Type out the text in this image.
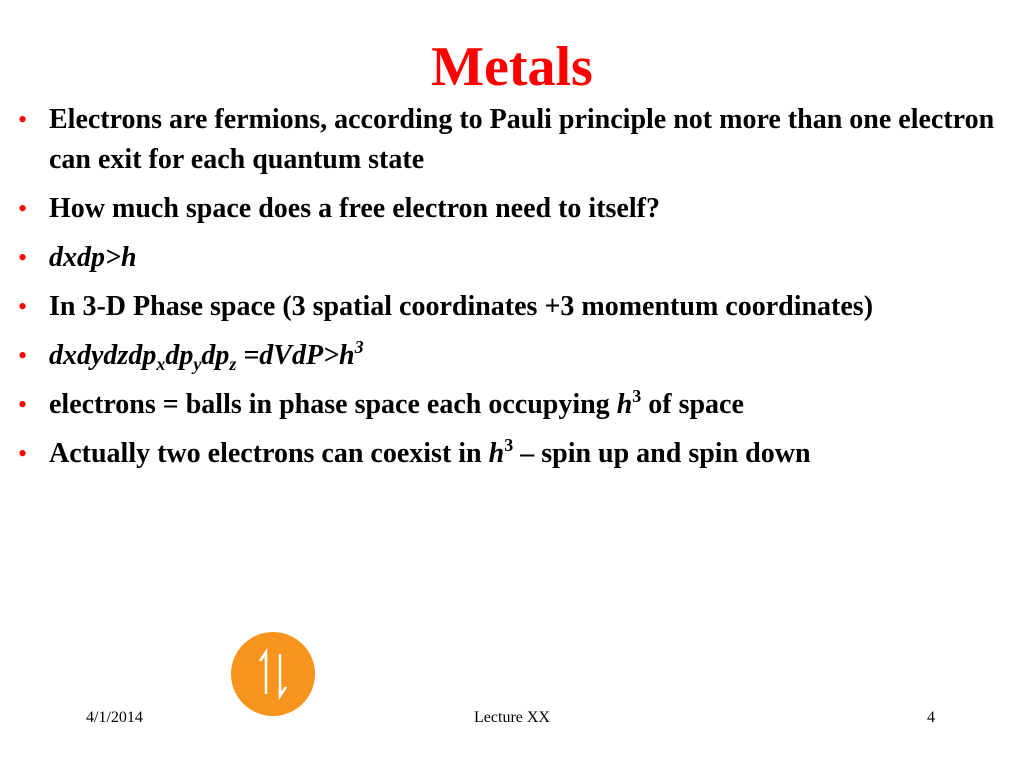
Metals
• Electrons are fermions, according to Pauli principle not more than one electron can exit for each quantum state
• How much space does a free electron need to itself?
• dxdp>h
• In 3-D Phase space (3 spatial coordinates +3 momentum coordinates)
• $dxdydzdp_xdp_ydp_z$ $=dVdP>h^3$
• electrons = balls in phase space each occupying $h^3$ of space
• Actually two electrons can coexist in $h^3$ – spin up and spin down
4/1/2014	Lecture XX	4
